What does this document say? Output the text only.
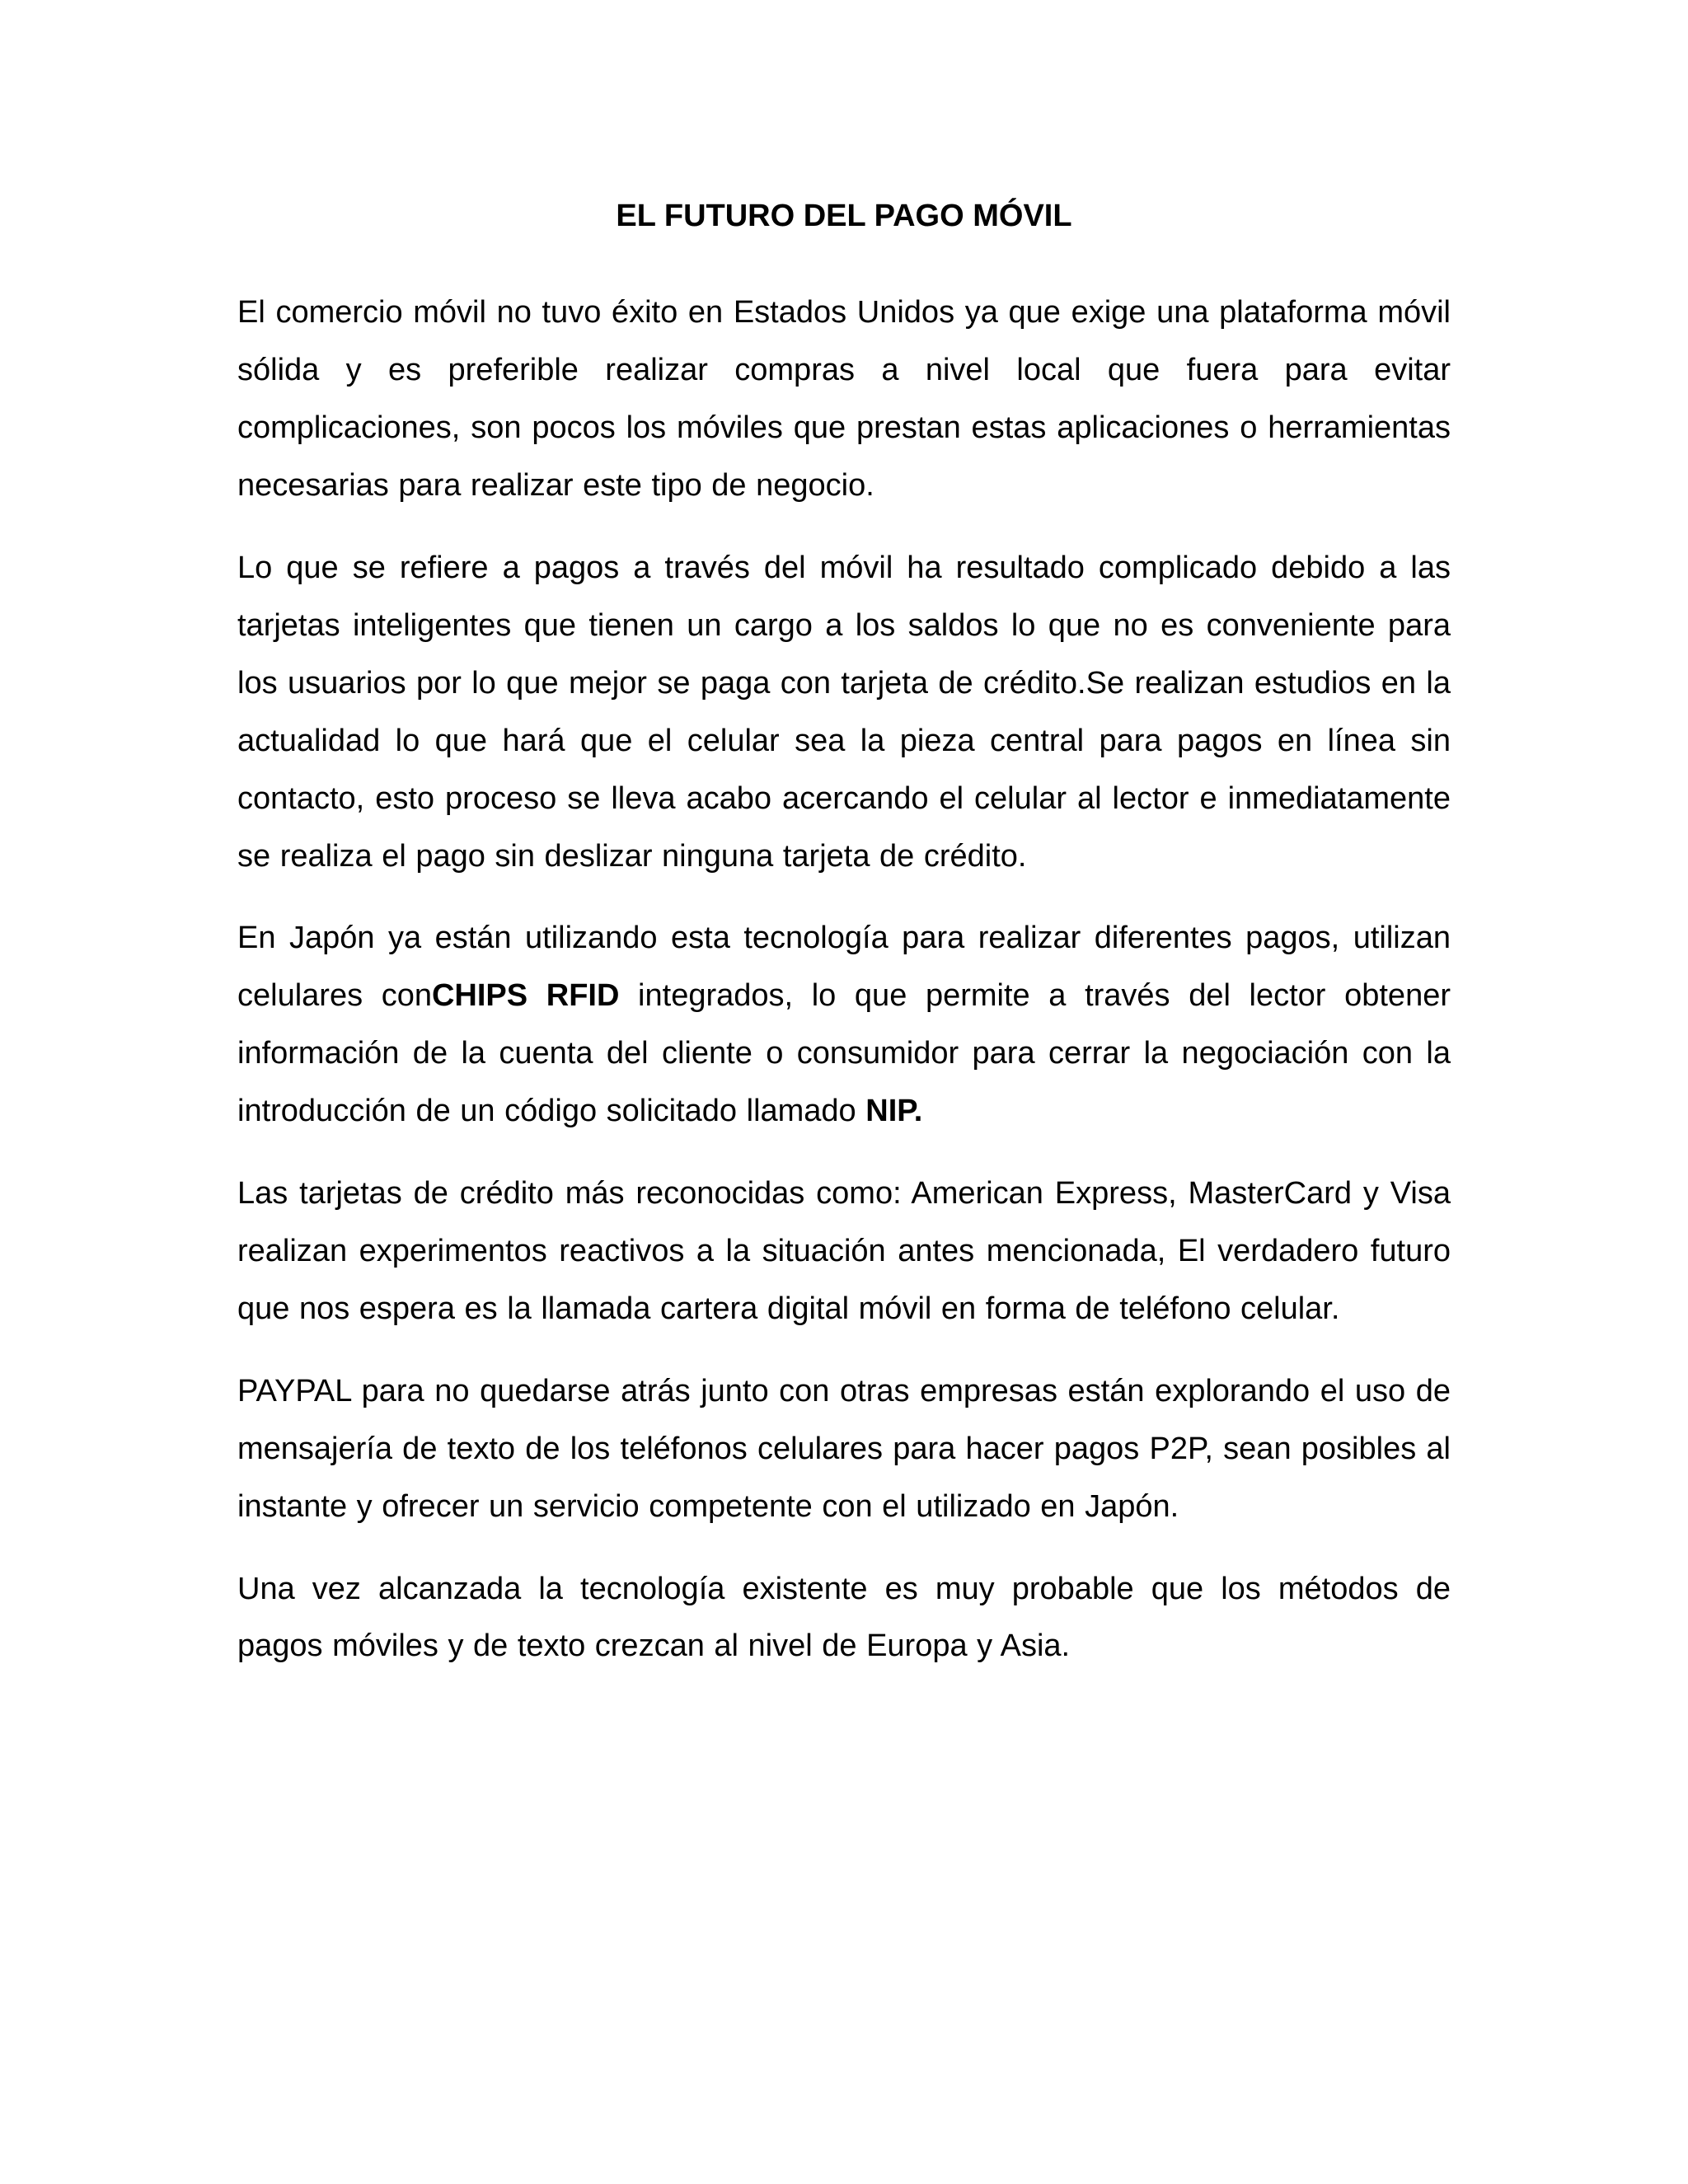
EL FUTURO DEL PAGO MÓVIL

El comercio móvil no tuvo éxito en Estados Unidos ya que exige una plataforma móvil sólida y es preferible realizar compras a nivel local que fuera para evitar complicaciones, son pocos los móviles que prestan estas aplicaciones o herramientas necesarias para realizar este tipo de negocio.

Lo que se refiere a pagos a través del móvil ha resultado complicado debido a las tarjetas inteligentes que tienen un cargo a los saldos lo que no es conveniente para los usuarios por lo que mejor se paga con tarjeta de crédito.Se realizan estudios en la actualidad lo que hará que el celular sea la pieza central para pagos en línea sin contacto, esto proceso se lleva acabo acercando el celular al lector e inmediatamente se realiza el pago sin deslizar ninguna tarjeta de crédito.

En Japón ya están utilizando esta tecnología para realizar diferentes pagos, utilizan celulares conCHIPS RFID integrados, lo que permite a través del lector obtener información de la cuenta del cliente o consumidor para cerrar la negociación con la introducción de un código solicitado llamado NIP.

Las tarjetas de crédito más reconocidas como: American Express, MasterCard y Visa realizan experimentos reactivos a la situación antes mencionada, El verdadero futuro que nos espera es la llamada cartera digital móvil en forma de teléfono celular.

PAYPAL para no quedarse atrás junto con otras empresas están explorando el uso de mensajería de texto de los teléfonos celulares para hacer pagos P2P, sean posibles al instante y ofrecer un servicio competente con el utilizado en Japón.

Una vez alcanzada la tecnología existente es muy probable que los métodos de pagos móviles y de texto crezcan al nivel de Europa y Asia.
